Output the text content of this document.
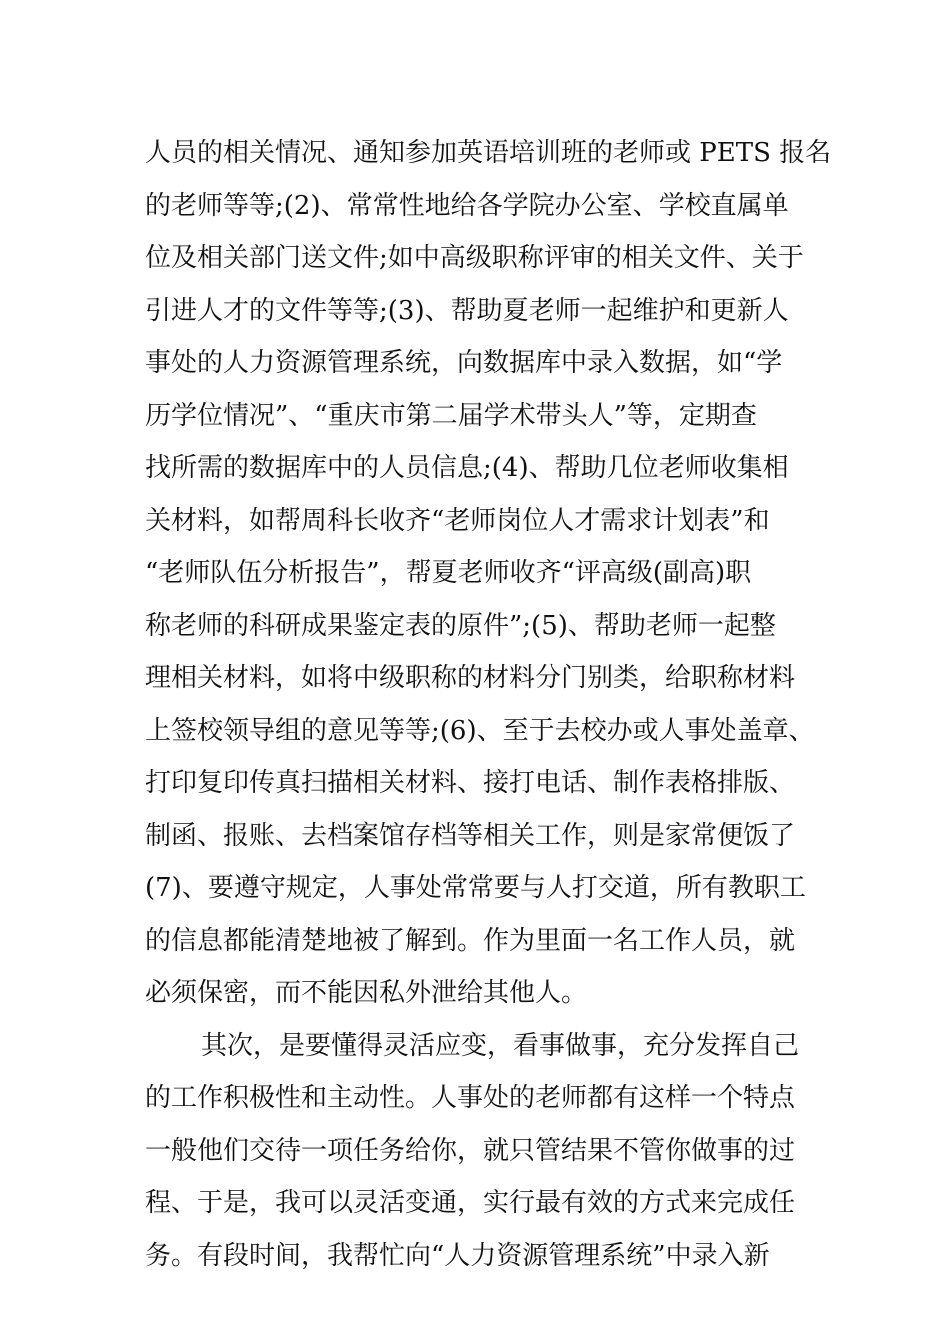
人员的相关情况、通知参加英语培训班的老师或 PETS 报名
的老师等等;(2)、常常性地给各学院办公室、学校直属单
位及相关部门送文件;如中高级职称评审的相关文件、关于
引进人才的文件等等;(3)、帮助夏老师一起维护和更新人
事处的人力资源管理系统，向数据库中录入数据，如“学
历学位情况”、“重庆市第二届学术带头人”等，定期查
找所需的数据库中的人员信息;(4)、帮助几位老师收集相
关材料，如帮周科长收齐“老师岗位人才需求计划表”和
“老师队伍分析报告”，帮夏老师收齐“评高级(副高)职
称老师的科研成果鉴定表的原件”;(5)、帮助老师一起整
理相关材料，如将中级职称的材料分门别类，给职称材料
上签校领导组的意见等等;(6)、至于去校办或人事处盖章、
打印复印传真扫描相关材料、接打电话、制作表格排版、
制函、报账、去档案馆存档等相关工作，则是家常便饭了
(7)、要遵守规定，人事处常常要与人打交道，所有教职工
的信息都能清楚地被了解到。作为里面一名工作人员，就
必须保密，而不能因私外泄给其他人。
其次，是要懂得灵活应变，看事做事，充分发挥自己
的工作积极性和主动性。人事处的老师都有这样一个特点
一般他们交待一项任务给你，就只管结果不管你做事的过
程、于是，我可以灵活变通，实行最有效的方式来完成任
务。有段时间，我帮忙向“人力资源管理系统”中录入新
